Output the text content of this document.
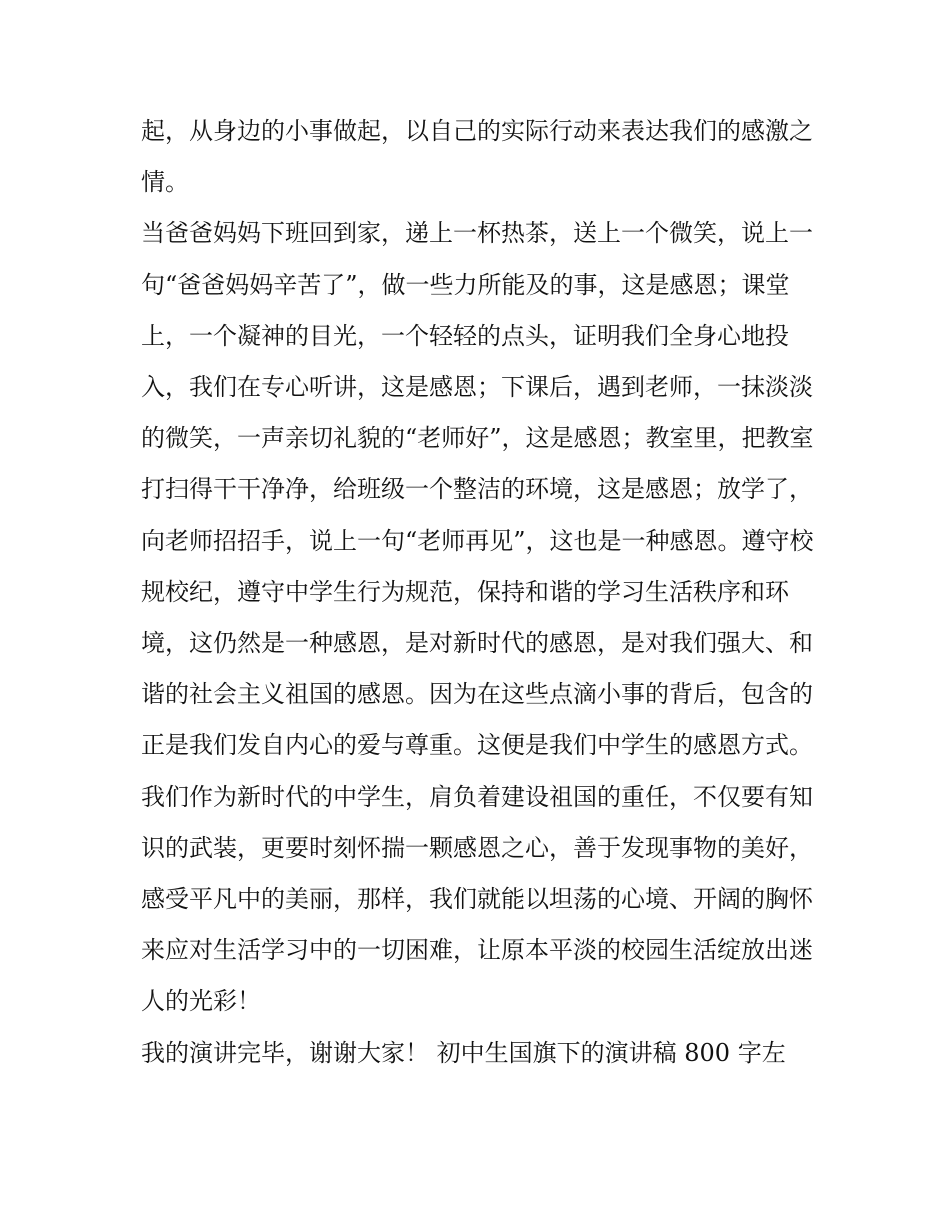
起，从身边的小事做起，以自己的实际行动来表达我们的感激之情。

当爸爸妈妈下班回到家，递上一杯热茶，送上一个微笑，说上一句“爸爸妈妈辛苦了”，做一些力所能及的事，这是感恩；课堂上，一个凝神的目光，一个轻轻的点头，证明我们全身心地投入，我们在专心听讲，这是感恩；下课后，遇到老师，一抹淡淡的微笑，一声亲切礼貌的“老师好”，这是感恩；教室里，把教室打扫得干干净净，给班级一个整洁的环境，这是感恩；放学了，向老师招招手，说上一句“老师再见”，这也是一种感恩。遵守校规校纪，遵守中学生行为规范，保持和谐的学习生活秩序和环境，这仍然是一种感恩，是对新时代的感恩，是对我们强大、和谐的社会主义祖国的感恩。因为在这些点滴小事的背后，包含的正是我们发自内心的爱与尊重。这便是我们中学生的感恩方式。

我们作为新时代的中学生，肩负着建设祖国的重任，不仅要有知识的武装，更要时刻怀揣一颗感恩之心，善于发现事物的美好，感受平凡中的美丽，那样，我们就能以坦荡的心境、开阔的胸怀来应对生活学习中的一切困难，让原本平淡的校园生活绽放出迷人的光彩！

我的演讲完毕，谢谢大家！ 初中生国旗下的演讲稿 800 字左
